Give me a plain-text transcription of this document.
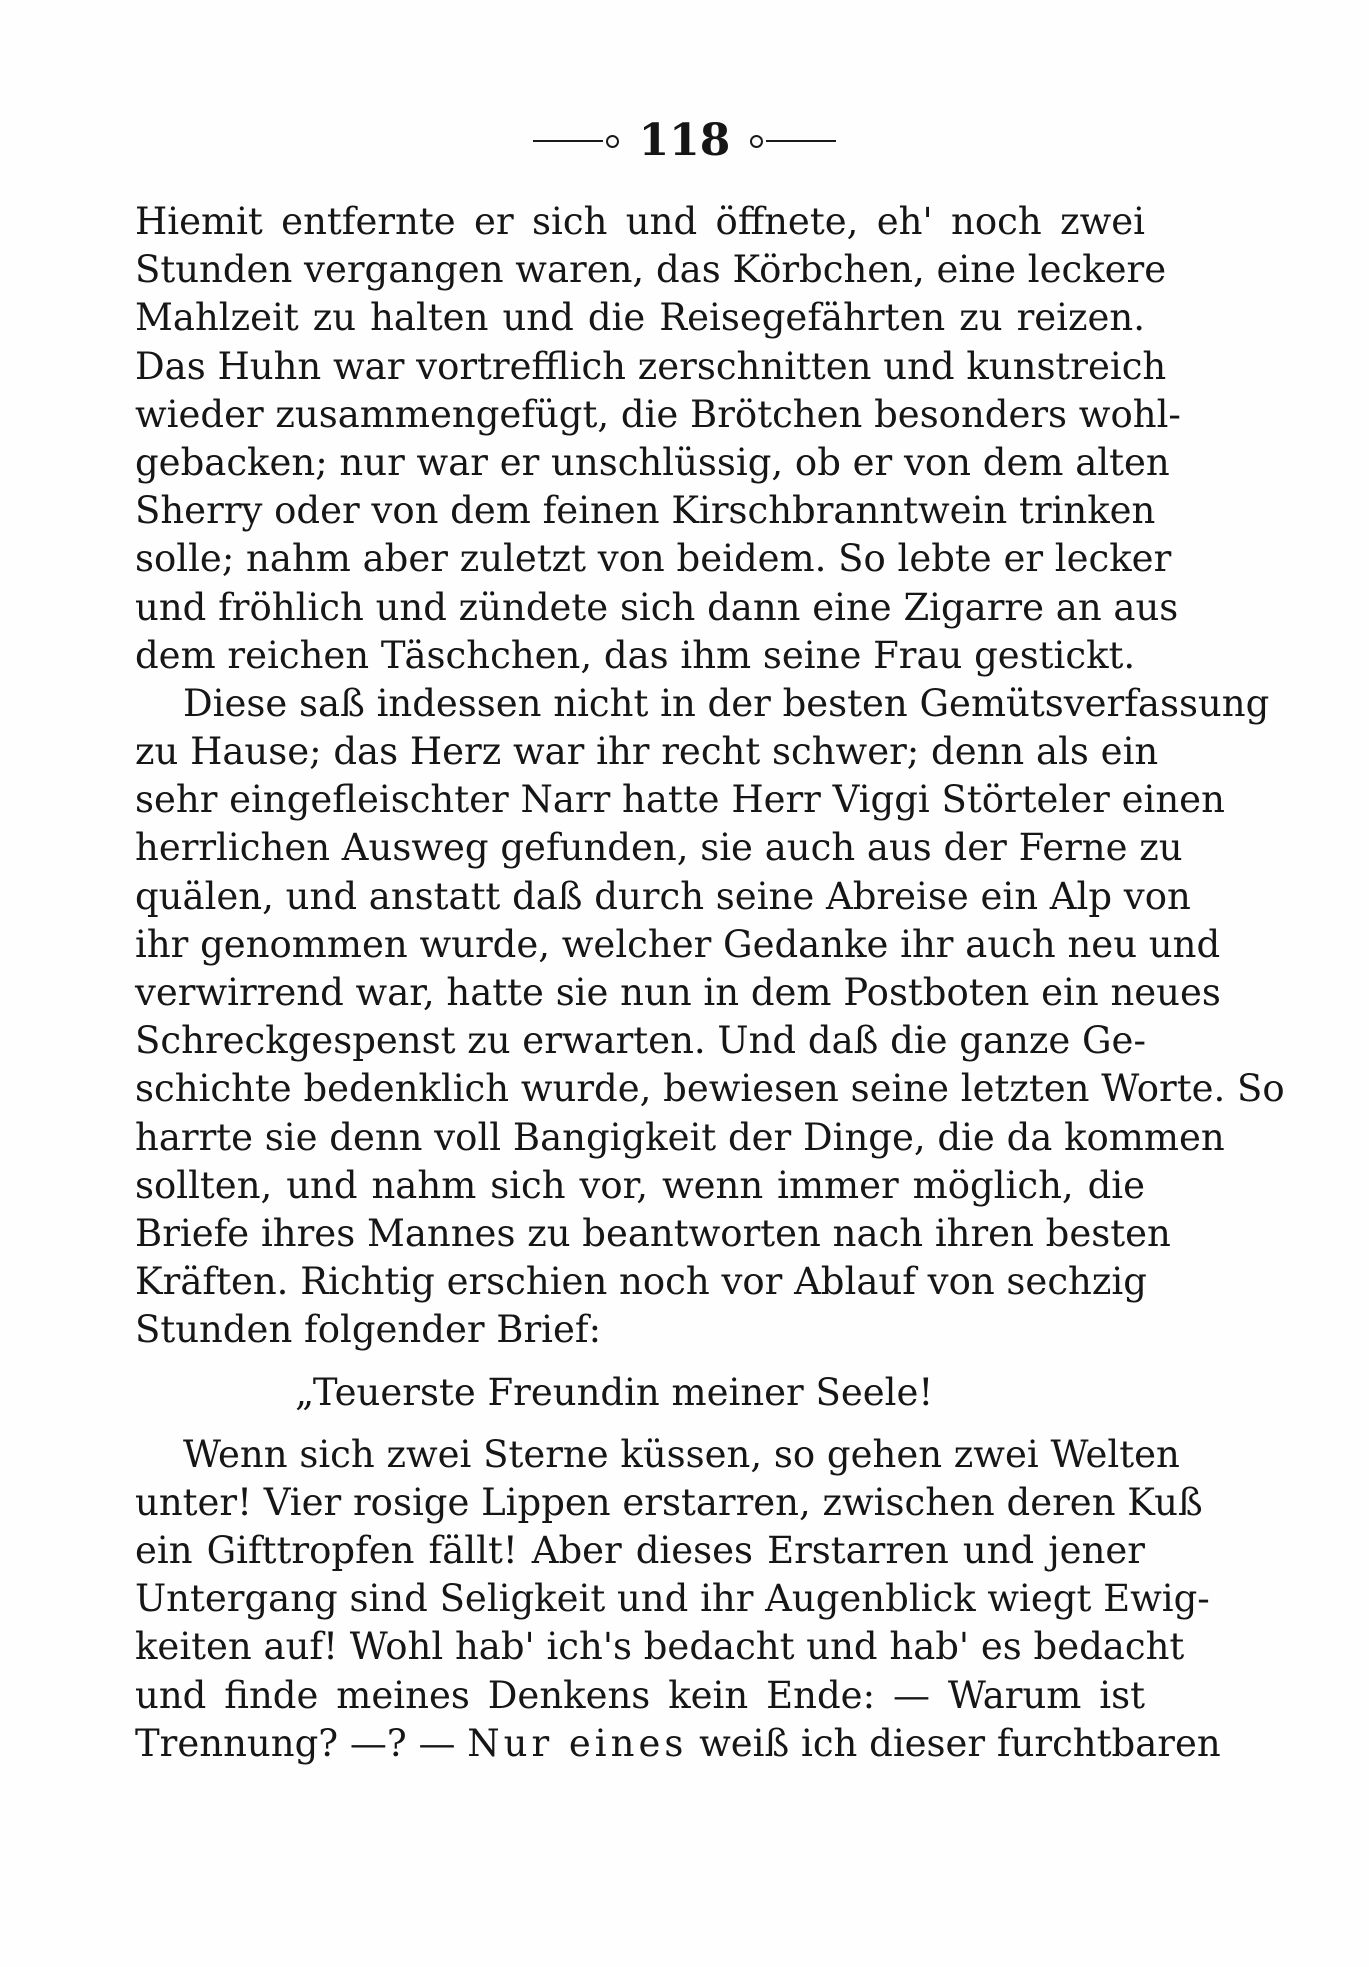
118
Hiemit entfernte er sich und öffnete, eh' noch zwei
Stunden vergangen waren, das Körbchen, eine leckere
Mahlzeit zu halten und die Reisegefährten zu reizen.
Das Huhn war vortrefflich zerschnitten und kunstreich
wieder zusammengefügt, die Brötchen besonders wohl-
gebacken; nur war er unschlüssig, ob er von dem alten
Sherry oder von dem feinen Kirschbranntwein trinken
solle; nahm aber zuletzt von beidem. So lebte er lecker
und fröhlich und zündete sich dann eine Zigarre an aus
dem reichen Täschchen, das ihm seine Frau gestickt.
Diese saß indessen nicht in der besten Gemütsverfassung
zu Hause; das Herz war ihr recht schwer; denn als ein
sehr eingefleischter Narr hatte Herr Viggi Störteler einen
herrlichen Ausweg gefunden, sie auch aus der Ferne zu
quälen, und anstatt daß durch seine Abreise ein Alp von
ihr genommen wurde, welcher Gedanke ihr auch neu und
verwirrend war, hatte sie nun in dem Postboten ein neues
Schreckgespenst zu erwarten. Und daß die ganze Ge-
schichte bedenklich wurde, bewiesen seine letzten Worte. So
harrte sie denn voll Bangigkeit der Dinge, die da kommen
sollten, und nahm sich vor, wenn immer möglich, die
Briefe ihres Mannes zu beantworten nach ihren besten
Kräften. Richtig erschien noch vor Ablauf von sechzig
Stunden folgender Brief:
„Teuerste Freundin meiner Seele!
Wenn sich zwei Sterne küssen, so gehen zwei Welten
unter! Vier rosige Lippen erstarren, zwischen deren Kuß
ein Gifttropfen fällt! Aber dieses Erstarren und jener
Untergang sind Seligkeit und ihr Augenblick wiegt Ewig-
keiten auf! Wohl hab' ich's bedacht und hab' es bedacht
und finde meines Denkens kein Ende: — Warum ist
Trennung? —? — Nur eines weiß ich dieser furchtbaren
